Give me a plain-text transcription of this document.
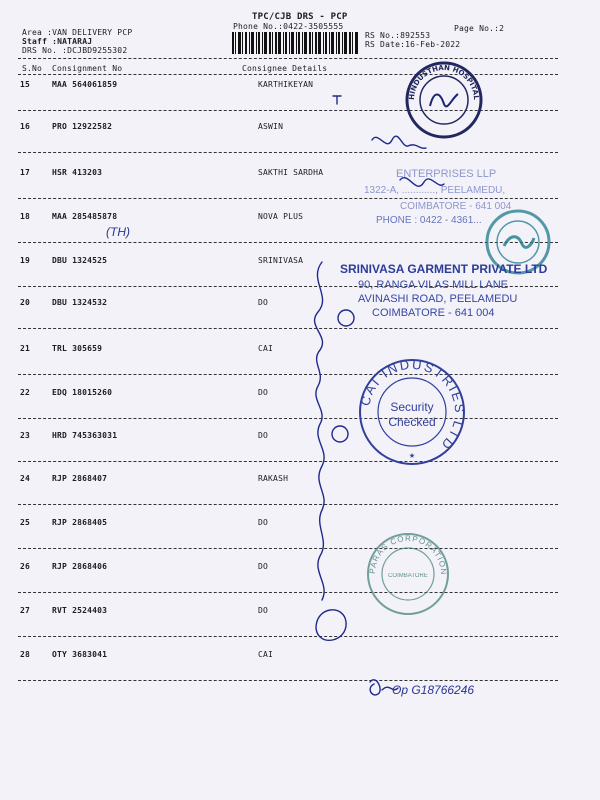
TPC/CJB DRS - PCP
Phone No.:0422-3505555	Page No.:2
Area :VAN DELIVERY PCP
Staff :NATARAJ
DRS No. :DCJBD9255302
RS No.:892553
RS Date:16-Feb-2022
S.No Consignment No	Consignee Details
15	MAA 564061859	KARTHIKEYAN
16	PRO 12922582	ASWIN
17	HSR 413203	SAKTHI SARDHA
18	MAA 285485878	NOVA PLUS
19	DBU 1324525	SRINIVASA
20	DBU 1324532	DO
21	TRL 305659	CAI
22	EDQ 18015260	DO
23	HRD 745363031	DO
24	RJP 2868407	RAKASH
25	RJP 2868405	DO
26	RJP 2868406	DO
27	RVT 2524403	DO
28	OTY 3683041	CAI
HINDUSTHAN HOSPITAL
ENTERPRISES LLP
1322-A, ............, PEELAMEDU,
COIMBATORE - 641 004
PHONE : 0422 - 4361...
SRINIVASA GARMENT PRIVATE LTD
90, RANGA VILAS MILL LANE
AVINASHI ROAD, PEELAMEDU
COIMBATORE - 641 004
CAI INDUSTRIES LTD
Security
Checked
★
PARAS CORPORATION
COIMBATORE
(TH)
Op G18766246
